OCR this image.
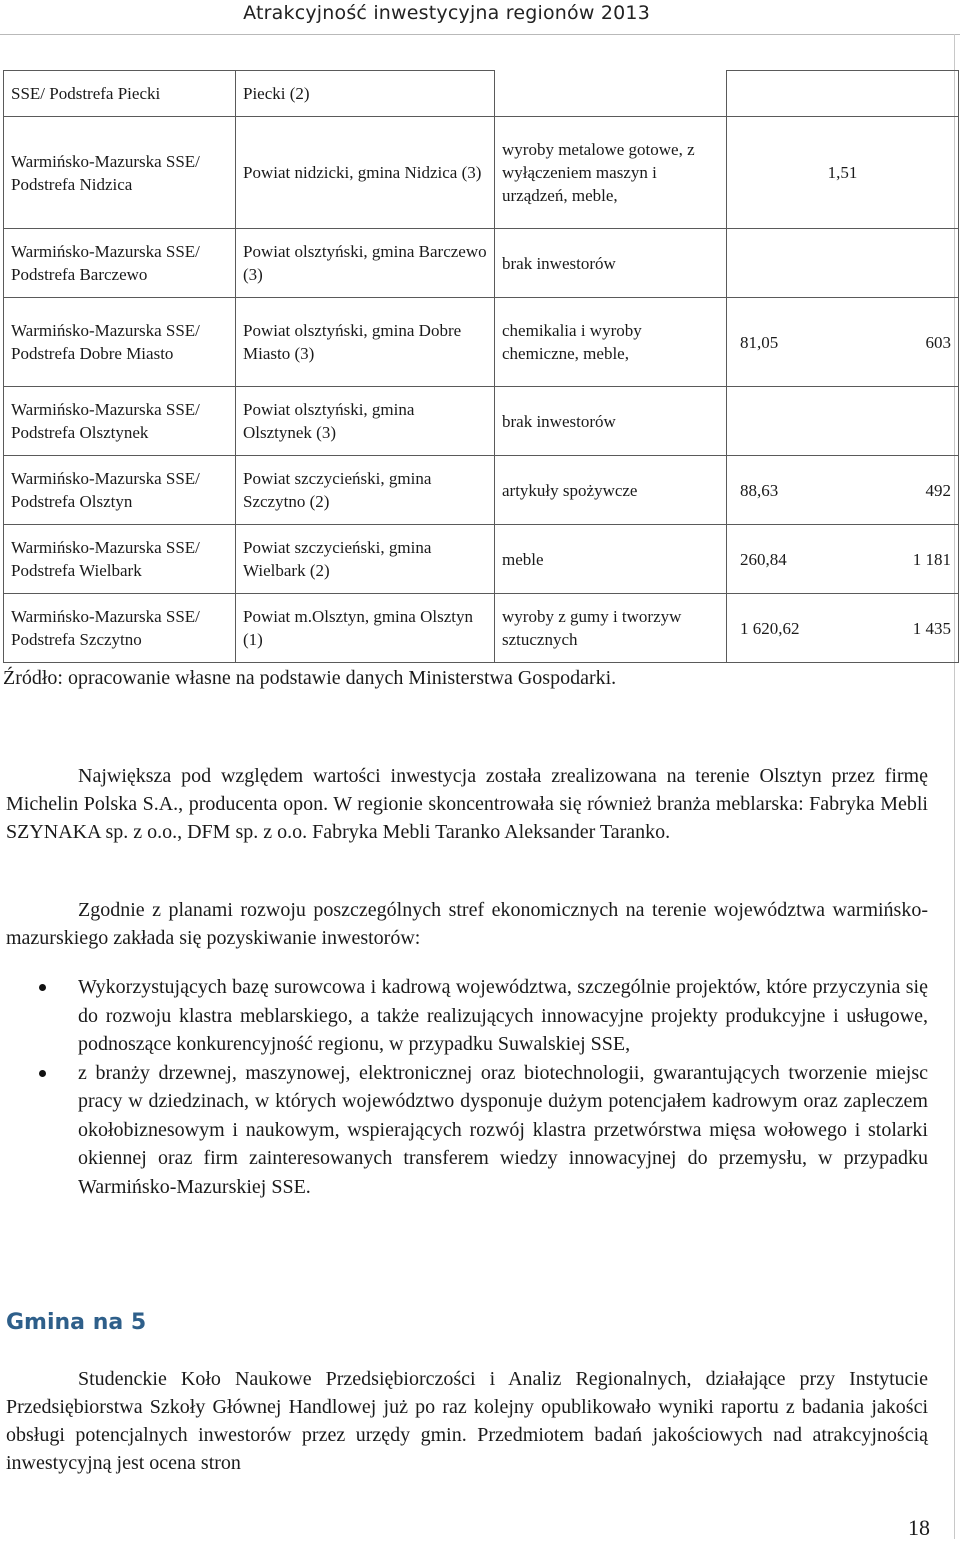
Atrakcyjność inwestycyjna regionów 2013
SSE/ Podstrefa Piecki	Piecki (2)		
Warmińsko-Mazurska SSE/ Podstrefa Nidzica	Powiat nidzicki, gmina Nidzica (3)	wyroby metalowe gotowe, z wyłączeniem maszyn i urządzeń, meble,	1,51
Warmińsko-Mazurska SSE/ Podstrefa Barczewo	Powiat olsztyński, gmina Barczewo (3)	brak inwestorów	
Warmińsko-Mazurska SSE/ Podstrefa Dobre Miasto	Powiat olsztyński, gmina Dobre Miasto (3)	chemikalia i wyroby chemiczne, meble,	81,05 603

Warmińsko-Mazurska SSE/ Podstrefa Olsztynek	Powiat olsztyński, gmina Olsztynek (3)	brak inwestorów	
Warmińsko-Mazurska SSE/ Podstrefa Olsztyn	Powiat szczycieński, gmina Szczytno (2)	artykuły spożywcze	88,63 492

Warmińsko-Mazurska SSE/ Podstrefa Wielbark	Powiat szczycieński, gmina Wielbark (2)	meble	260,84 1 181

Warmińsko-Mazurska SSE/ Podstrefa Szczytno	Powiat m.Olsztyn, gmina Olsztyn (1)	wyroby z gumy i tworzyw sztucznych	1 620,62 1 435
Źródło: opracowanie własne na podstawie danych Ministerstwa Gospodarki.
Największa pod względem wartości inwestycja została zrealizowana na terenie Olsztyn przez firmę Michelin Polska S.A., producenta opon. W regionie skoncentrowała się również branża meblarska: Fabryka Mebli SZYNAKA sp. z o.o., DFM sp. z o.o. Fabryka Mebli Taranko Aleksander Taranko.
Zgodnie z planami rozwoju poszczególnych stref ekonomicznych na terenie województwa warmińsko-mazurskiego zakłada się pozyskiwanie inwestorów:
Wykorzystujących bazę surowcowa i kadrową województwa, szczególnie projektów, które przyczynia się do rozwoju klastra meblarskiego, a także realizujących innowacyjne projekty produkcyjne i usługowe, podnoszące konkurencyjność regionu, w przypadku Suwalskiej SSE,
z branży drzewnej, maszynowej, elektronicznej oraz biotechnologii, gwarantujących tworzenie miejsc pracy w dziedzinach, w których województwo dysponuje dużym potencjałem kadrowym oraz zapleczem okołobiznesowym i naukowym, wspierających rozwój klastra przetwórstwa mięsa wołowego i stolarki okiennej oraz firm zainteresowanych transferem wiedzy innowacyjnej do przemysłu, w przypadku Warmińsko-Mazurskiej SSE.
Gmina na 5
Studenckie Koło Naukowe Przedsiębiorczości i Analiz Regionalnych, działające przy Instytucie Przedsiębiorstwa Szkoły Głównej Handlowej już po raz kolejny opublikowało wyniki raportu z badania jakości obsługi potencjalnych inwestorów przez urzędy gmin. Przedmiotem badań jakościowych nad atrakcyjnością inwestycyjną jest ocena stron
18
